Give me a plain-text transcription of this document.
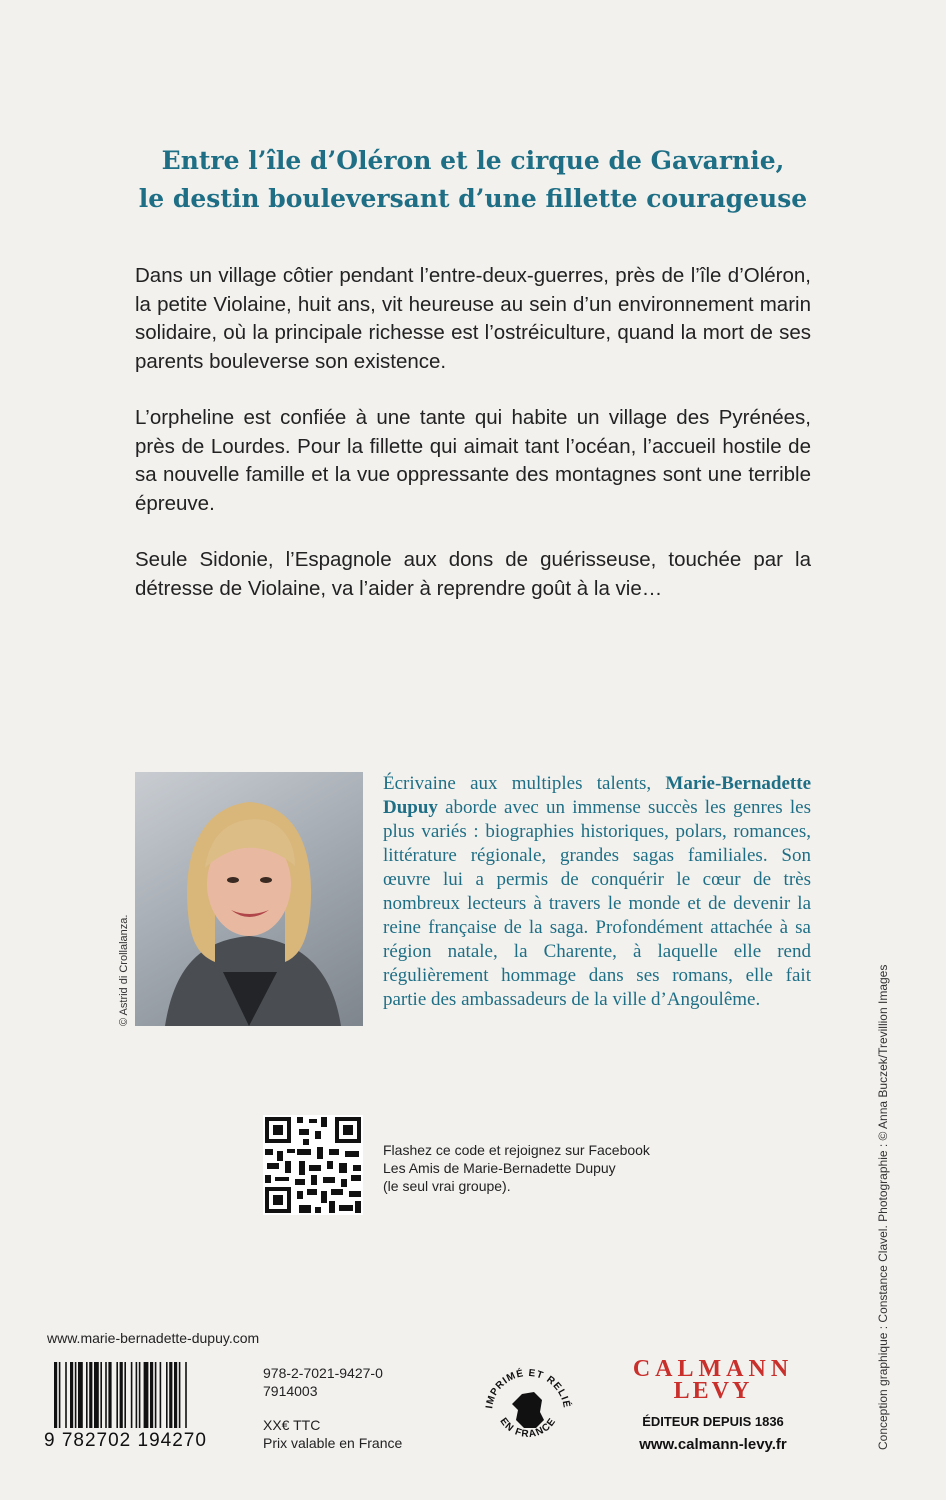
Entre l’île d’Oléron et le cirque de Gavarnie,
le destin bouleversant d’une fillette courageuse

Dans un village côtier pendant l’entre-deux-guerres, près de l’île d’Oléron, la petite Violaine, huit ans, vit heureuse au sein d’un environnement marin solidaire, où la principale richesse est l’ostréiculture, quand la mort de ses parents bouleverse son existence.

L’orpheline est confiée à une tante qui habite un village des Pyrénées, près de Lourdes. Pour la fillette qui aimait tant l’océan, l’accueil hostile de sa nouvelle famille et la vue oppressante des montagnes sont une terrible épreuve.

Seule Sidonie, l’Espagnole aux dons de guérisseuse, touchée par la détresse de Violaine, va l’aider à reprendre goût à la vie…

© Astrid di Crollalanza.
Écrivaine aux multiples talents, Marie-Bernadette Dupuy aborde avec un immense succès les genres les plus variés : biographies historiques, polars, romances, littérature régionale, grandes sagas familiales. Son œuvre lui a permis de conquérir le cœur de très nombreux lecteurs à travers le monde et de devenir la reine française de la saga. Profondément attachée à sa région natale, la Charente, à laquelle elle rend régulièrement hommage dans ses romans, elle fait partie des ambassadeurs de la ville d’Angoulême.
Flashez ce code et rejoignez sur Facebook
Les Amis de Marie-Bernadette Dupuy
(le seul vrai groupe).	Conception graphique : Constance Clavel. Photographie : © Anna Buczek/Trevillion Images
www.marie-bernadette-dupuy.com
9 782702 194270
978-2-7021-9427-0
7914003
XX€ TTC
Prix valable en France
IMPRIMÉ ET RELIÉ
EN FRANCE
CALMANN
LEVY
ÉDITEUR DEPUIS 1836
www.calmann-levy.fr
